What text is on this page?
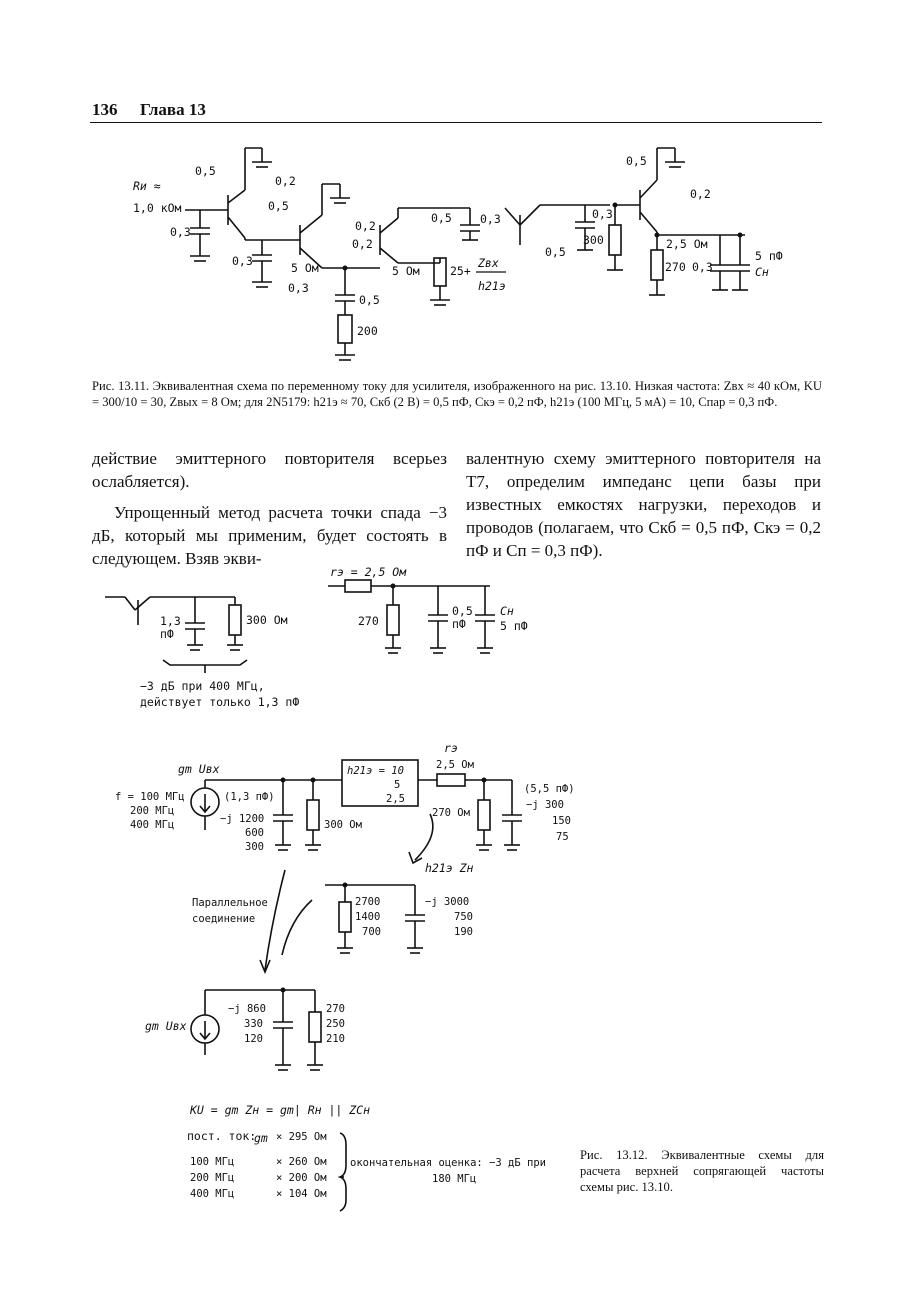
136 Глава 13
Rи ≈
1,0 кОм
0,3
0,5
0,2
0,5
0,3	5 Ом
0,3
0,5
200
0,2
0,2
0,5
5 Ом	25+
Zвх
h21э
0,3
0,5
0,3
300
0,5
0,2
2,5 Ом
270 0,3
5 пФ
Cн
Рис. 13.11. Эквивалентная схема по переменному току для усилителя, изображенного на рис. 13.10. Низкая частота: Zвх ≈ 40 кОм, KU = 300/10 = 30, Zвых = 8 Ом; для 2N5179: h21э ≈ 70, Cкб (2 В) = 0,5 пФ, Cкэ = 0,2 пФ, h21э (100 МГц, 5 мА) = 10, Cпар = 0,3 пФ.

действие эмиттерного повторителя всерьез ослабляется).

Упрощенный метод расчета точки спада −3 дБ, который мы применим, будет состоять в следующем. Взяв экви-

валентную схему эмиттерного повторителя на T7, определим импеданс цепи базы при известных емкостях нагрузки, переходов и проводов (полагаем, что Cкб = 0,5 пФ, Cкэ = 0,2 пФ и Cп = 0,3 пФ).

1,3
пФ
300 Ом
−3 дБ при 400 МГц,
действует только 1,3 пФ
rэ = 2,5 Ом
270
0,5
пФ
Cн
5 пФ
gm Uвх
f = 100 МГц
200 МГц
400 МГц
(1,3 пФ)
−j 1200
600
300
300 Ом
h21э = 10
5
2,5
rэ
2,5 Ом
270 Ом
(5,5 пФ)
−j 300
150
75
h21э Zн
Параллельное
соединение
2700
1400
700
−j 3000
750
190
gm Uвх
−j 860
330
120
270
250
210
KU = gm Zн = gm| Rн || ZCн
пост. ток:
gm × 295 Ом
100 МГц
200 МГц
400 МГц
× 260 Ом
× 200 Ом
× 104 Ом
окончательная оценка: −3 дБ при
180 МГц
Рис. 13.12. Эквивалентные схемы для расчета верхней сопрягающей частоты схемы рис. 13.10.
